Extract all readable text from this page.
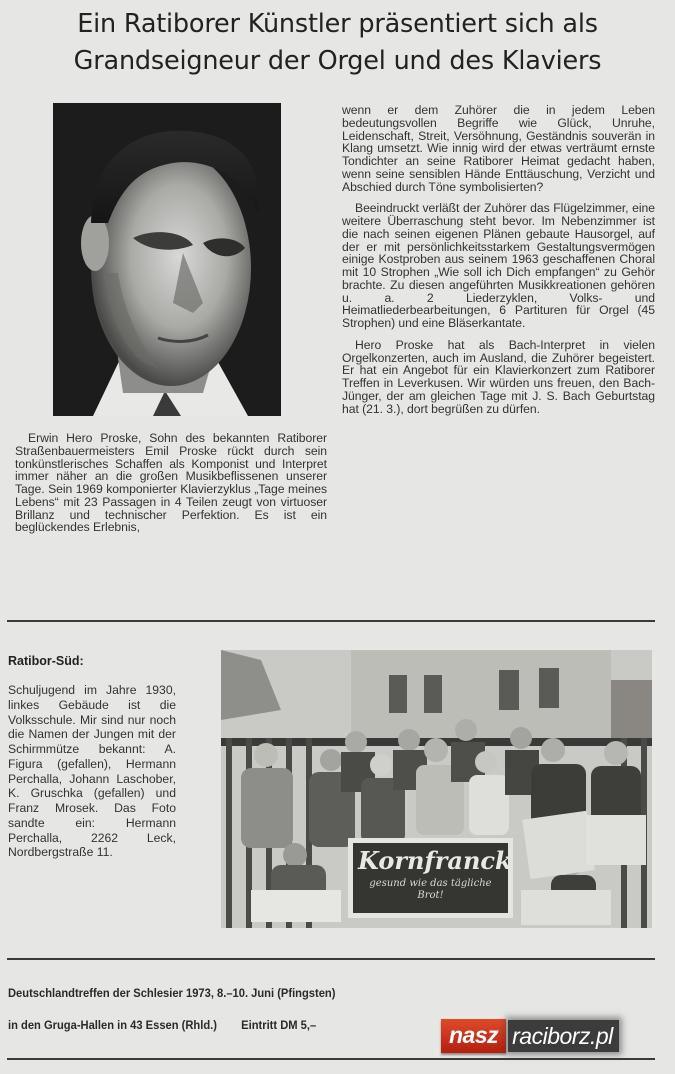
Ein Ratiborer Künstler präsentiert sich als
Grandseigneur der Orgel und des Klaviers

Erwin Hero Proske, Sohn des bekannten Ratiborer Straßenbauermeisters Emil Proske rückt durch sein tonkünstlerisches Schaffen als Komponist und Interpret immer näher an die großen Musikbeflissenen unserer Tage. Sein 1969 komponierter Klavierzyklus „Tage meines Lebens“ mit 23 Passagen in 4 Teilen zeugt von virtuoser Brillanz und technischer Perfektion. Es ist ein beglückendes Erlebnis,

wenn er dem Zuhörer die in jedem Leben bedeutungsvollen Begriffe wie Glück, Unruhe, Leidenschaft, Streit, Versöhnung, Geständnis souverän in Klang umsetzt. Wie innig wird der etwas verträumt ernste Tondichter an seine Ratiborer Heimat gedacht haben, wenn seine sensiblen Hände Enttäuschung, Verzicht und Abschied durch Töne symbolisierten?

Beeindruckt verläßt der Zuhörer das Flügelzimmer, eine weitere Überraschung steht bevor. Im Nebenzimmer ist die nach seinen eigenen Plänen gebaute Hausorgel, auf der er mit persönlichkeitsstarkem Gestaltungsvermögen einige Kostproben aus seinem 1963 geschaffenen Choral mit 10 Strophen „Wie soll ich Dich empfangen“ zu Gehör brachte. Zu diesen angeführten Musikkreationen gehören u. a. 2 Liederzyklen, Volks- und Heimatliederbearbeitungen, 6 Partituren für Orgel (45 Strophen) und eine Bläserkantate.

Hero Proske hat als Bach-Interpret in vielen Orgelkonzerten, auch im Ausland, die Zuhörer begeistert. Er hat ein Angebot für ein Klavierkonzert zum Ratiborer Treffen in Leverkusen. Wir würden uns freuen, den Bach-Jünger, der am gleichen Tage mit J. S. Bach Geburtstag hat (21. 3.), dort begrüßen zu dürfen.

Ratibor-Süd:
Schuljugend im Jahre 1930, linkes Gebäude ist die Volksschule. Mir sind nur noch die Namen der Jungen mit der Schirmmütze bekannt: A. Figura (gefallen), Hermann Perchalla, Johann Laschober, K. Gruschka (gefallen) und Franz Mrosek. Das Foto sandte ein: Hermann Perchalla, 2262 Leck, Nordbergstraße 11.	Kornfranck
gesund wie das tägliche Brot!
Deutschlandtreffen der Schlesier 1973, 8.–10. Juni (Pfingsten)
in den Gruga-Hallen in 43 Essen (Rhld.) Eintritt DM 5,–	nasz raciborz.pl
